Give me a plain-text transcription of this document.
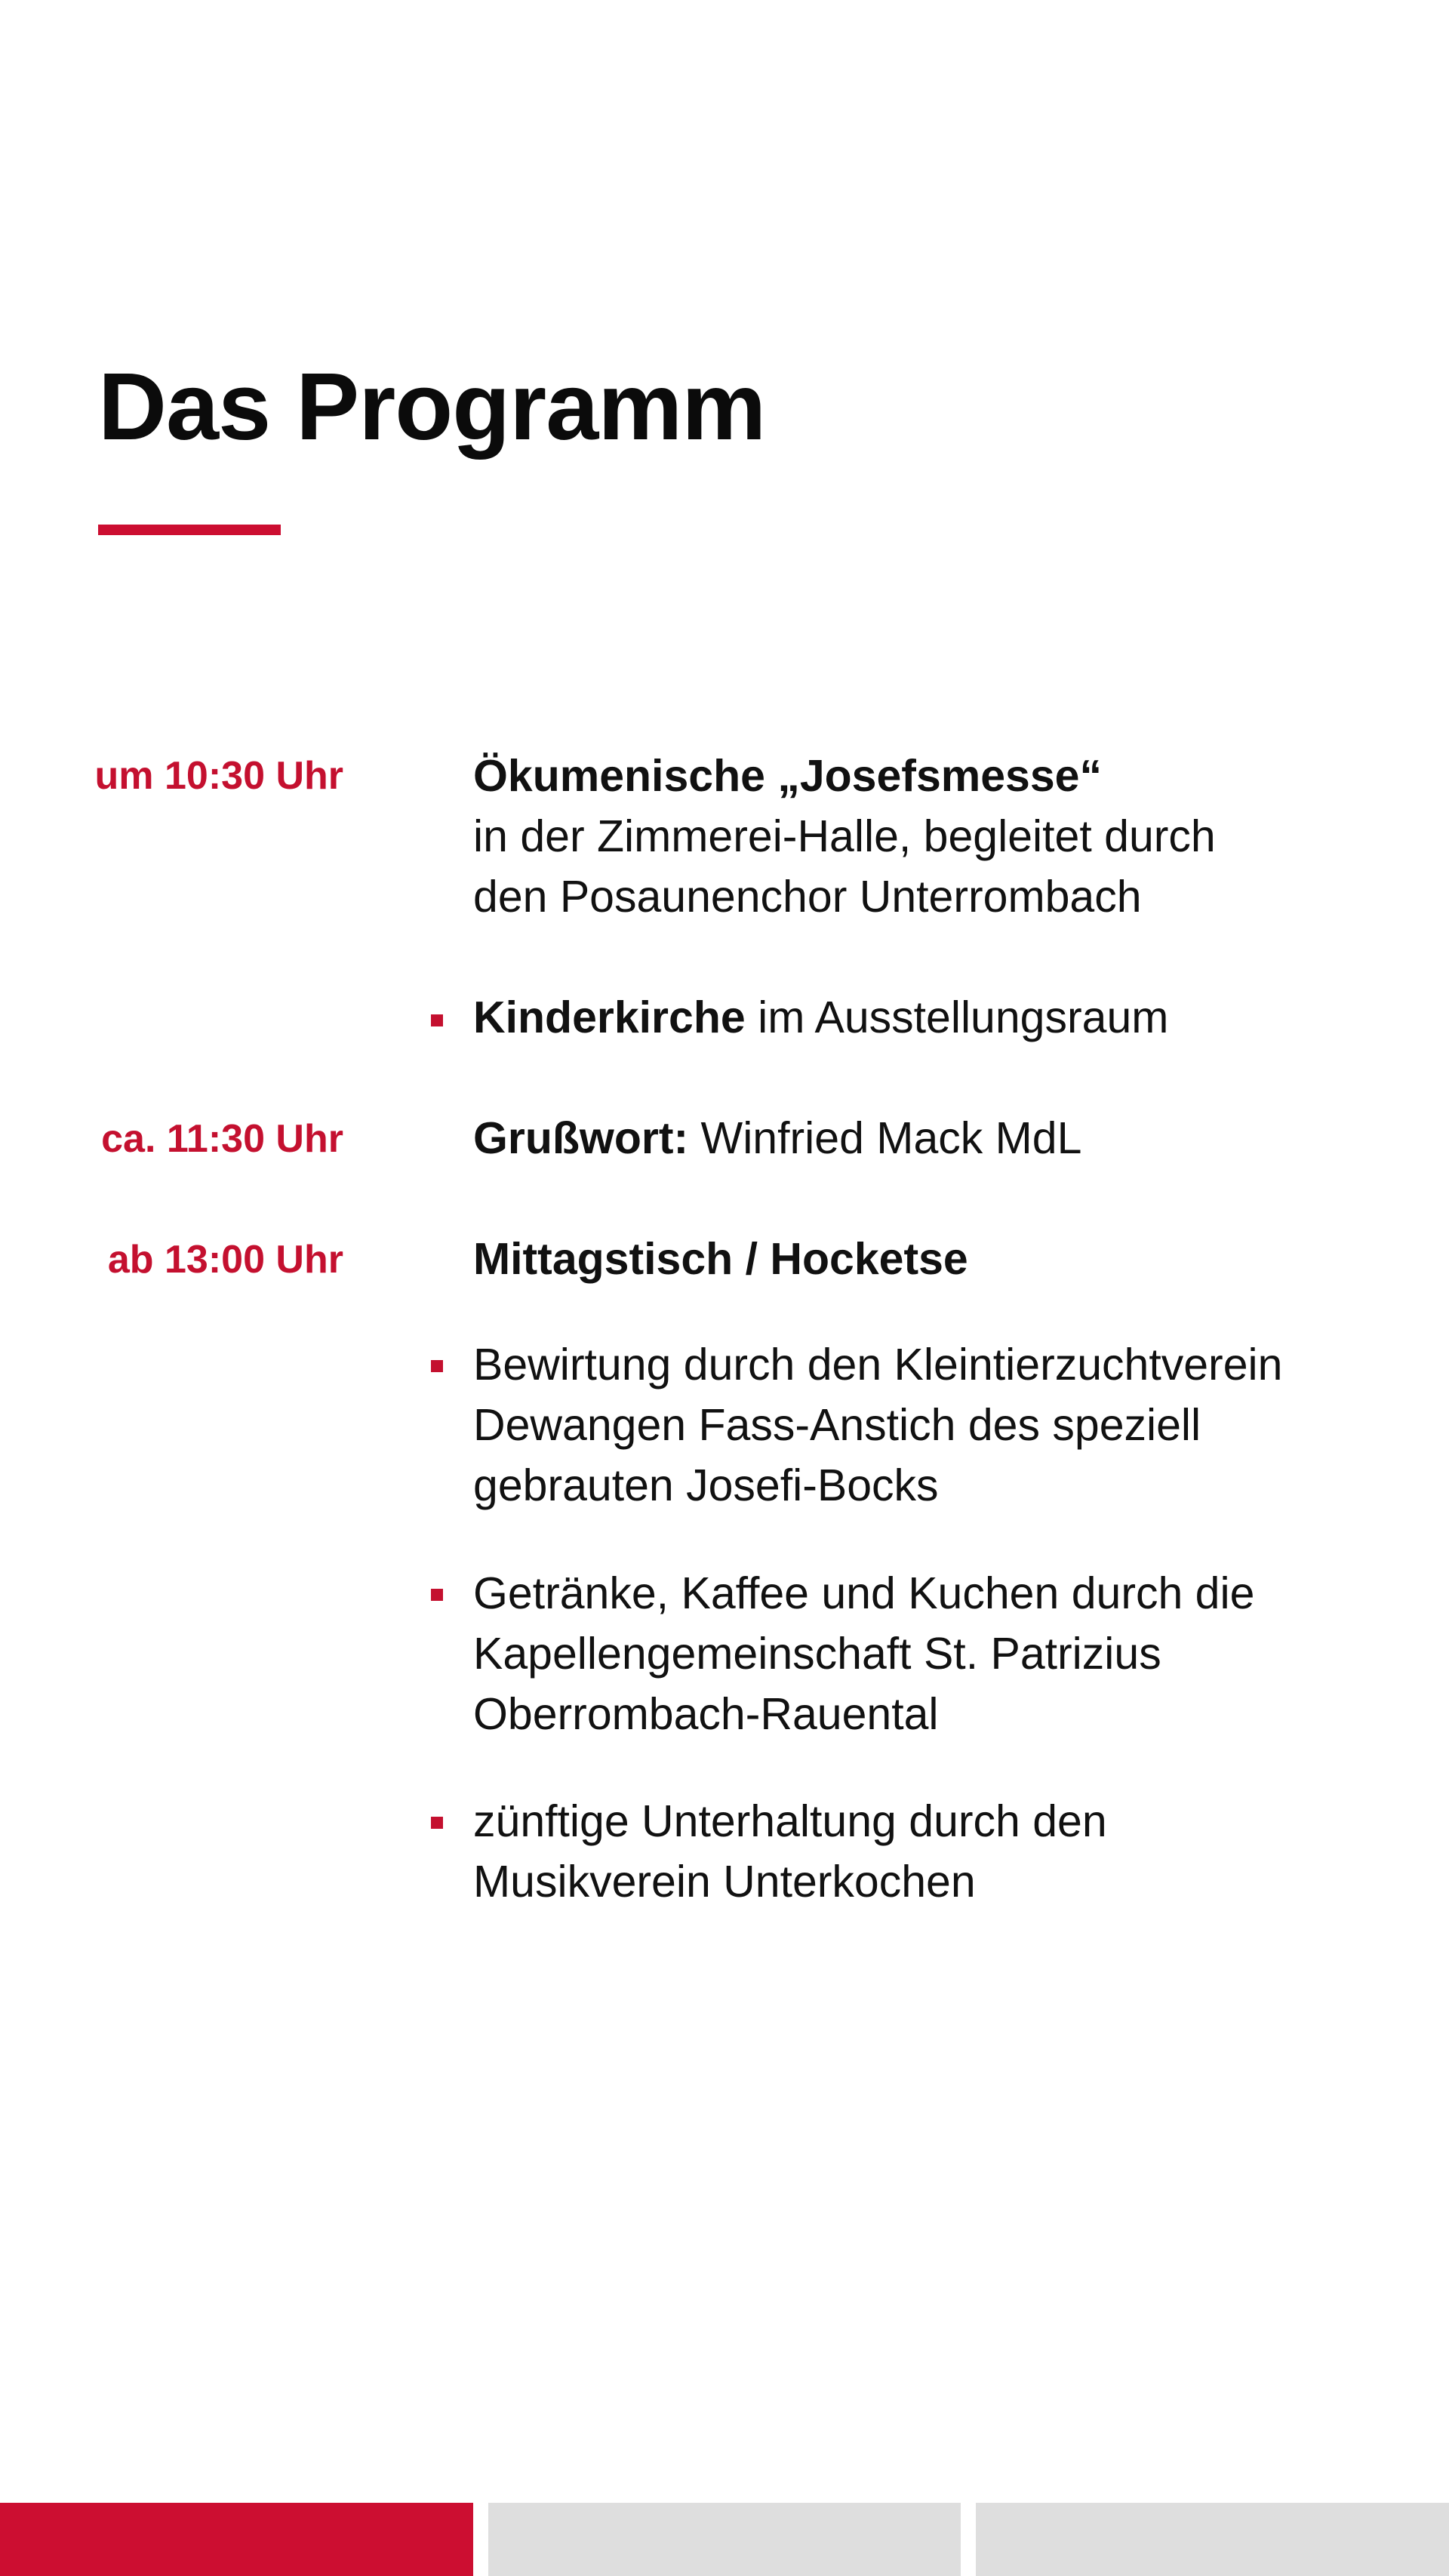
Das Programm
um 10:30 Uhr	Ökumenische „Josefsmesse“
in der Zimmerei-Halle, begleitet durch
den Posaunenchor Unterrombach
Kinderkirche im Ausstellungsraum
ca. 11:30 Uhr	Grußwort: Winfried Mack MdL
ab 13:00 Uhr	Mittagstisch / Hocketse
Bewirtung durch den Kleintierzuchtverein
Dewangen Fass-Anstich des speziell
gebrauten Josefi-Bocks
Getränke, Kaffee und Kuchen durch die
Kapellengemeinschaft St. Patrizius
Oberrombach-Rauental
zünftige Unterhaltung durch den
Musikverein Unterkochen
